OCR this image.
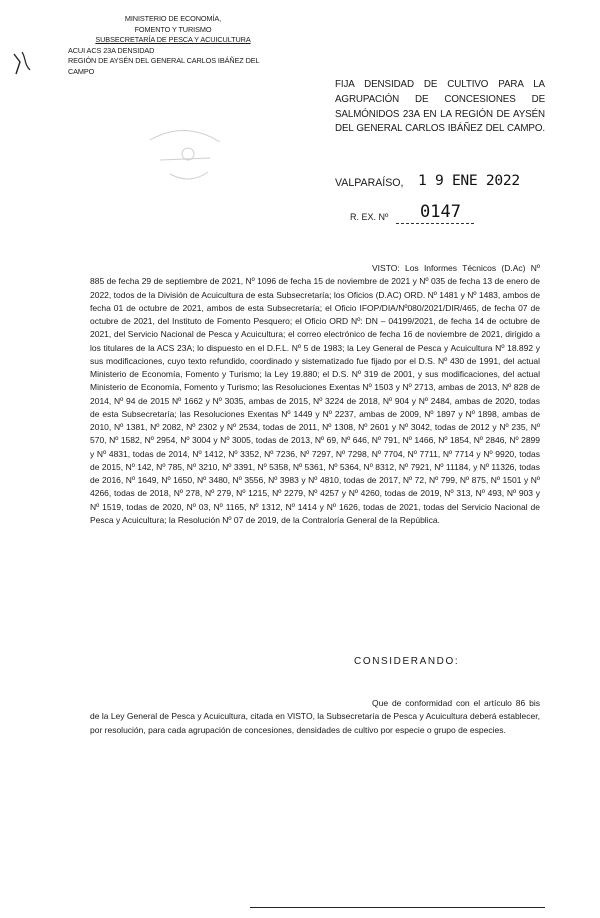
MINISTERIO DE ECONOMÍA,
FOMENTO Y TURISMO
SUBSECRETARÍA DE PESCA Y ACUICULTURA
ACUI ACS 23A DENSIDAD
REGIÓN DE AYSÉN DEL GENERAL CARLOS IBÁÑEZ DEL CAMPO
FIJA DENSIDAD DE CULTIVO PARA LA AGRUPACIÓN DE CONCESIONES DE SALMÓNIDOS 23A EN LA REGIÓN DE AYSÉN DEL GENERAL CARLOS IBÁÑEZ DEL CAMPO.
VALPARAÍSO, 1 9 ENE 2022
R. EX. Nº 0147
VISTO: Los Informes Técnicos (D.Ac) Nº 885 de fecha 29 de septiembre de 2021, Nº 1096 de fecha 15 de noviembre de 2021 y Nº 035 de fecha 13 de enero de 2022, todos de la División de Acuicultura de esta Subsecretaría; los Oficios (D.AC) ORD. Nº 1481 y Nº 1483, ambos de fecha 01 de octubre de 2021, ambos de esta Subsecretaría; el Oficio IFOP/DIA/Nº080/2021/DIR/465, de fecha 07 de octubre de 2021, del Instituto de Fomento Pesquero; el Oficio ORD Nº: DN – 04199/2021, de fecha 14 de octubre de 2021, del Servicio Nacional de Pesca y Acuicultura; el correo electrónico de fecha 16 de noviembre de 2021, dirigido a los titulares de la ACS 23A; lo dispuesto en el D.F.L. Nº 5 de 1983; la Ley General de Pesca y Acuicultura Nº 18.892 y sus modificaciones, cuyo texto refundido, coordinado y sistematizado fue fijado por el D.S. Nº 430 de 1991, del actual Ministerio de Economía, Fomento y Turismo; la Ley 19.880; el D.S. Nº 319 de 2001, y sus modificaciones, del actual Ministerio de Economía, Fomento y Turismo; las Resoluciones Exentas Nº 1503 y Nº 2713, ambas de 2013, Nº 828 de 2014, Nº 94 de 2015 Nº 1662 y Nº 3035, ambas de 2015, Nº 3224 de 2018, Nº 904 y Nº 2484, ambas de 2020, todas de esta Subsecretaría; las Resoluciones Exentas Nº 1449 y Nº 2237, ambas de 2009, Nº 1897 y Nº 1898, ambas de 2010, Nº 1381, Nº 2082, Nº 2302 y Nº 2534, todas de 2011, Nº 1308, Nº 2601 y Nº 3042, todas de 2012 y Nº 235, Nº 570, Nº 1582, Nº 2954, Nº 3004 y Nº 3005, todas de 2013, Nº 69, Nº 646, Nº 791, Nº 1466, Nº 1854, Nº 2846, Nº 2899 y Nº 4831, todas de 2014, Nº 1412, Nº 3352, Nº 7236, Nº 7297, Nº 7298, Nº 7704, Nº 7711, Nº 7714 y Nº 9920, todas de 2015, Nº 142, Nº 785, Nº 3210, Nº 3391, Nº 5358, Nº 5361, Nº 5364, Nº 8312, Nº 7921, Nº 11184, y Nº 11326, todas de 2016, Nº 1649, Nº 1650, Nº 3480, Nº 3556, Nº 3983 y Nº 4810, todas de 2017, Nº 72, Nº 799, Nº 875, Nº 1501 y Nº 4266, todas de 2018, Nº 278, Nº 279, Nº 1215, Nº 2279, Nº 4257 y Nº 4260, todas de 2019, Nº 313, Nº 493, Nº 903 y Nº 1519, todas de 2020, Nº 03, Nº 1165, Nº 1312, Nº 1414 y Nº 1626, todas de 2021, todas del Servicio Nacional de Pesca y Acuicultura; la Resolución Nº 07 de 2019, de la Contraloría General de la República.
CONSIDERANDO:
Que de conformidad con el artículo 86 bis de la Ley General de Pesca y Acuicultura, citada en VISTO, la Subsecretaría de Pesca y Acuicultura deberá establecer, por resolución, para cada agrupación de concesiones, densidades de cultivo por especie o grupo de especies.
